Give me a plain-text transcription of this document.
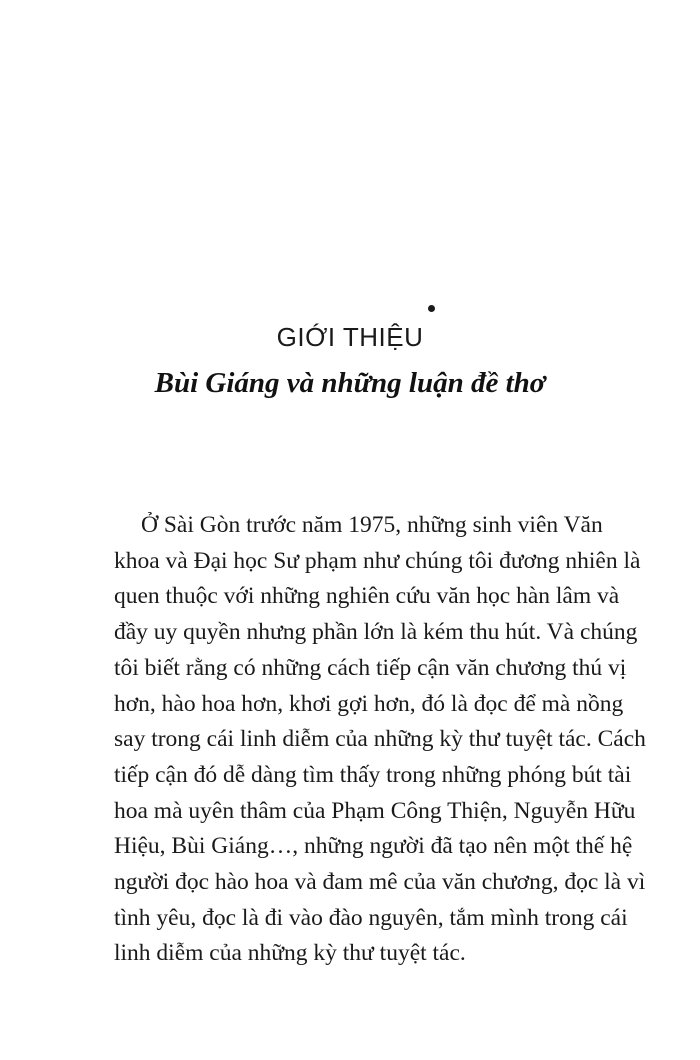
GIỚI THIỆU
Bùi Giáng và những luận đề thơ
Ở Sài Gòn trước năm 1975, những sinh viên Văn
khoa và Đại học Sư phạm như chúng tôi đương nhiên là
quen thuộc với những nghiên cứu văn học hàn lâm và
đầy uy quyền nhưng phần lớn là kém thu hút. Và chúng
tôi biết rằng có những cách tiếp cận văn chương thú vị
hơn, hào hoa hơn, khơi gợi hơn, đó là đọc để mà nồng
say trong cái linh diễm của những kỳ thư tuyệt tác. Cách
tiếp cận đó dễ dàng tìm thấy trong những phóng bút tài
hoa mà uyên thâm của Phạm Công Thiện, Nguyễn Hữu
Hiệu, Bùi Giáng…, những người đã tạo nên một thế hệ
người đọc hào hoa và đam mê của văn chương, đọc là vì
tình yêu, đọc là đi vào đào nguyên, tắm mình trong cái
linh diễm của những kỳ thư tuyệt tác.
